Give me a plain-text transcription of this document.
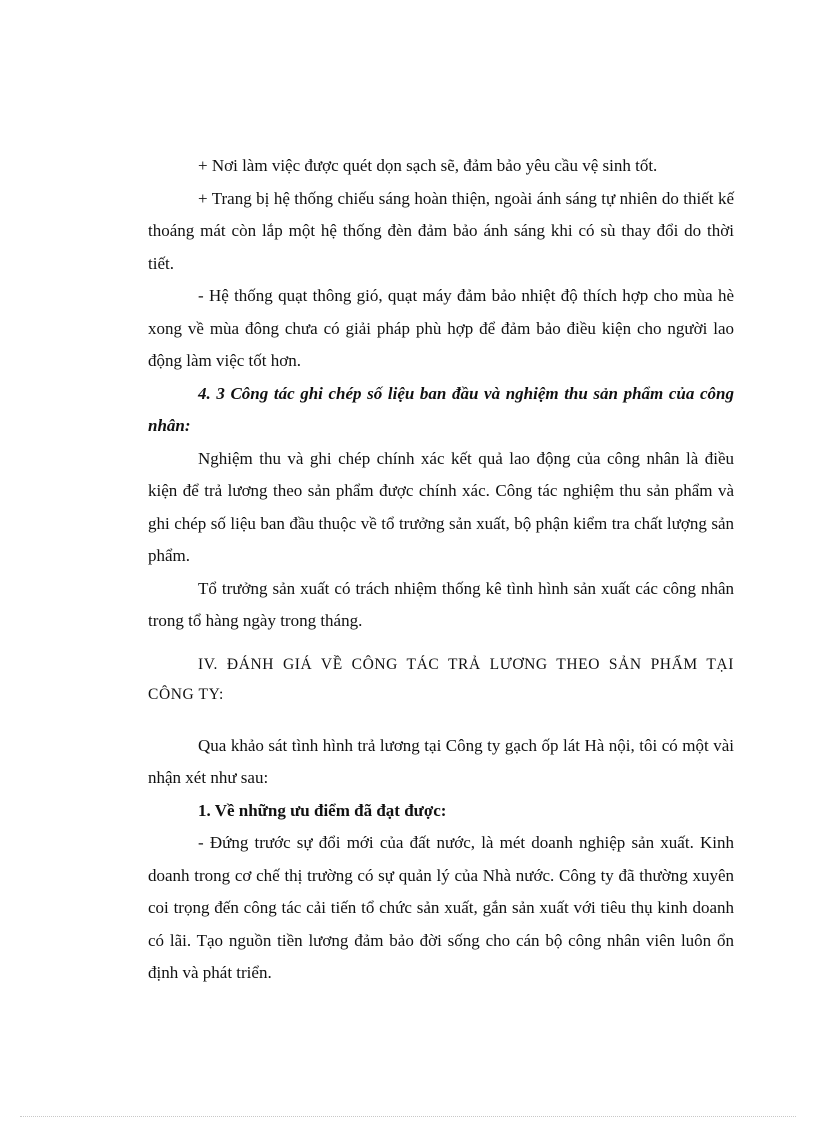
+ Nơi làm việc được quét dọn sạch sẽ, đảm bảo yêu cầu vệ sinh tốt.

+ Trang bị hệ thống chiếu sáng hoàn thiện, ngoài ánh sáng tự nhiên do thiết kế thoáng mát còn lắp một hệ thống đèn đảm bảo ánh sáng khi có sù thay đổi do thời tiết.

- Hệ thống quạt thông gió, quạt máy đảm bảo nhiệt độ thích hợp cho mùa hè xong về mùa đông chưa có giải pháp phù hợp để đảm bảo điều kiện cho người lao động làm việc tốt hơn.

4. 3 Công tác ghi chép số liệu ban đầu và nghiệm thu sản phẩm của công nhân:

Nghiệm thu và ghi chép chính xác kết quả lao động của công nhân là điều kiện để trả lương theo sản phẩm được chính xác. Công tác nghiệm thu sản phẩm và ghi chép số liệu ban đầu thuộc về tổ trưởng sản xuất, bộ phận kiểm tra chất lượng sản phẩm.

Tổ trưởng sản xuất có trách nhiệm thống kê tình hình sản xuất các công nhân trong tổ hàng ngày trong tháng.

IV. ĐÁNH GIÁ VỀ CÔNG TÁC TRẢ LƯƠNG THEO SẢN PHẨM TẠI CÔNG TY:

Qua khảo sát tình hình trả lương tại Công ty gạch ốp lát Hà nội, tôi có một vài nhận xét như sau:

1. Về những ưu điểm đã đạt được:

- Đứng trước sự đổi mới của đất nước, là mét doanh nghiệp sản xuất. Kinh doanh trong cơ chế thị trường có sự quản lý của Nhà nước. Công ty đã thường xuyên coi trọng đến công tác cải tiến tổ chức sản xuất, gắn sản xuất với tiêu thụ kinh doanh có lãi. Tạo nguồn tiền lương đảm bảo đời sống cho cán bộ công nhân viên luôn ổn định và phát triển.
